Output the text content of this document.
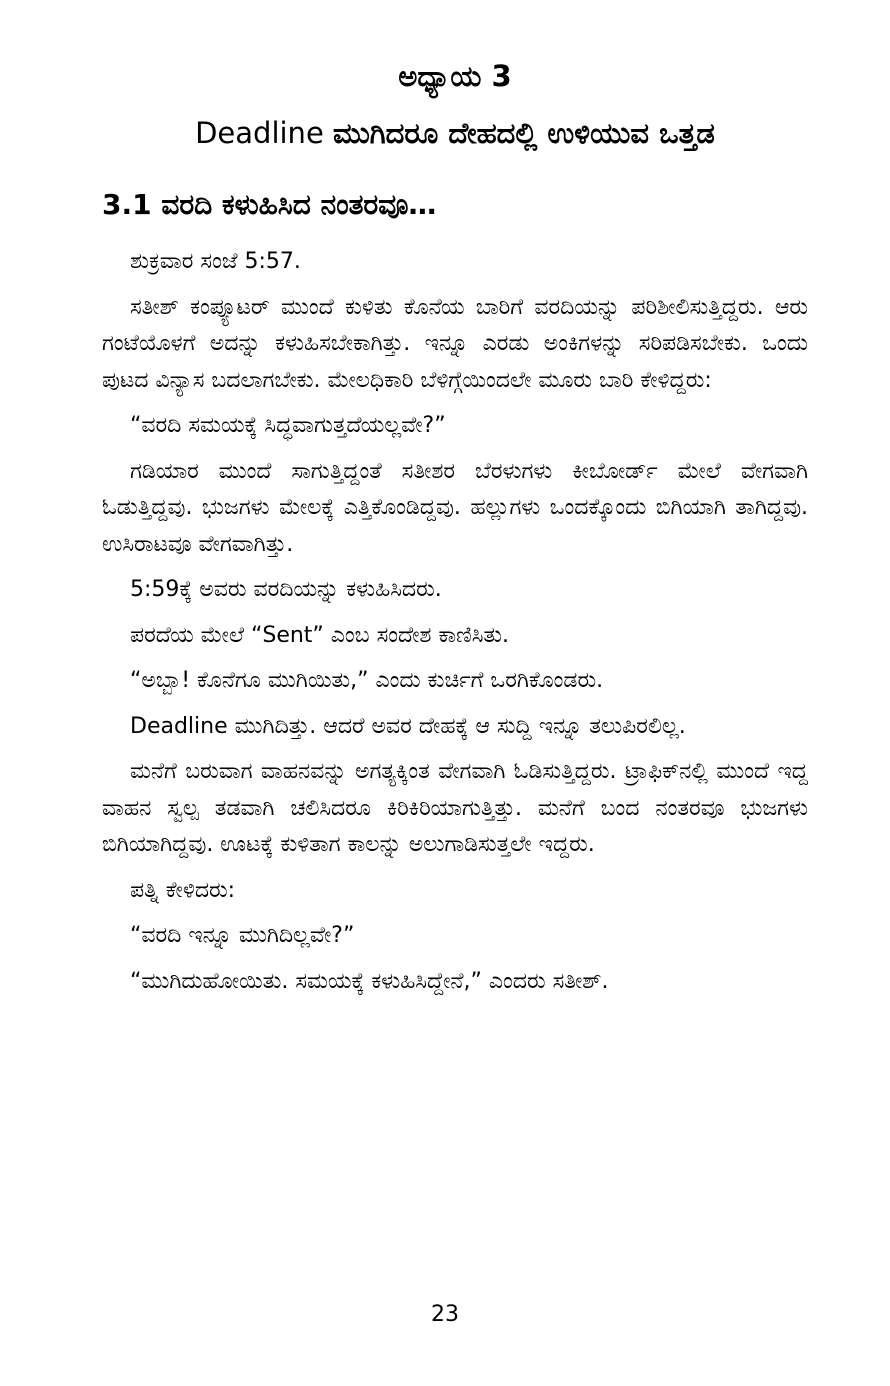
ಅಧ್ಯಾಯ 3
Deadline ಮುಗಿದರೂ ದೇಹದಲ್ಲಿ ಉಳಿಯುವ ಒತ್ತಡ
3.1 ವರದಿ ಕಳುಹಿಸಿದ ನಂತರವೂ…

ಶುಕ್ರವಾರ ಸಂಜೆ 5:57.

ಸತೀಶ್ ಕಂಪ್ಯೂಟರ್ ಮುಂದೆ ಕುಳಿತು ಕೊನೆಯ ಬಾರಿಗೆ ವರದಿಯನ್ನು ಪರಿಶೀಲಿಸುತ್ತಿದ್ದರು. ಆರು ಗಂಟೆಯೊಳಗೆ ಅದನ್ನು ಕಳುಹಿಸಬೇಕಾಗಿತ್ತು. ಇನ್ನೂ ಎರಡು ಅಂಕಿಗಳನ್ನು ಸರಿಪಡಿಸಬೇಕು. ಒಂದು ಪುಟದ ವಿನ್ಯಾಸ ಬದಲಾಗಬೇಕು. ಮೇಲಧಿಕಾರಿ ಬೆಳಿಗ್ಗೆಯಿಂದಲೇ ಮೂರು ಬಾರಿ ಕೇಳಿದ್ದರು:

“ವರದಿ ಸಮಯಕ್ಕೆ ಸಿದ್ಧವಾಗುತ್ತದೆಯಲ್ಲವೇ?”

ಗಡಿಯಾರ ಮುಂದೆ ಸಾಗುತ್ತಿದ್ದಂತೆ ಸತೀಶರ ಬೆರಳುಗಳು ಕೀಬೋರ್ಡ್ ಮೇಲೆ ವೇಗವಾಗಿ ಓಡುತ್ತಿದ್ದವು. ಭುಜಗಳು ಮೇಲಕ್ಕೆ ಎತ್ತಿಕೊಂಡಿದ್ದವು. ಹಲ್ಲುಗಳು ಒಂದಕ್ಕೊಂದು ಬಿಗಿಯಾಗಿ ತಾಗಿದ್ದವು. ಉಸಿರಾಟವೂ ವೇಗವಾಗಿತ್ತು.

5:59ಕ್ಕೆ ಅವರು ವರದಿಯನ್ನು ಕಳುಹಿಸಿದರು.

ಪರದೆಯ ಮೇಲೆ “Sent” ಎಂಬ ಸಂದೇಶ ಕಾಣಿಸಿತು.

“ಅಬ್ಬಾ! ಕೊನೆಗೂ ಮುಗಿಯಿತು,” ಎಂದು ಕುರ್ಚಿಗೆ ಒರಗಿಕೊಂಡರು.

Deadline ಮುಗಿದಿತ್ತು. ಆದರೆ ಅವರ ದೇಹಕ್ಕೆ ಆ ಸುದ್ದಿ ಇನ್ನೂ ತಲುಪಿರಲಿಲ್ಲ.

ಮನೆಗೆ ಬರುವಾಗ ವಾಹನವನ್ನು ಅಗತ್ಯಕ್ಕಿಂತ ವೇಗವಾಗಿ ಓಡಿಸುತ್ತಿದ್ದರು. ಟ್ರಾಫಿಕ್‌ನಲ್ಲಿ ಮುಂದೆ ಇದ್ದ ವಾಹನ ಸ್ವಲ್ಪ ತಡವಾಗಿ ಚಲಿಸಿದರೂ ಕಿರಿಕಿರಿಯಾಗುತ್ತಿತ್ತು. ಮನೆಗೆ ಬಂದ ನಂತರವೂ ಭುಜಗಳು ಬಿಗಿಯಾಗಿದ್ದವು. ಊಟಕ್ಕೆ ಕುಳಿತಾಗ ಕಾಲನ್ನು ಅಲುಗಾಡಿಸುತ್ತಲೇ ಇದ್ದರು.

ಪತ್ನಿ ಕೇಳಿದರು:

“ವರದಿ ಇನ್ನೂ ಮುಗಿದಿಲ್ಲವೇ?”

“ಮುಗಿದುಹೋಯಿತು. ಸಮಯಕ್ಕೆ ಕಳುಹಿಸಿದ್ದೇನೆ,” ಎಂದರು ಸತೀಶ್.

23
